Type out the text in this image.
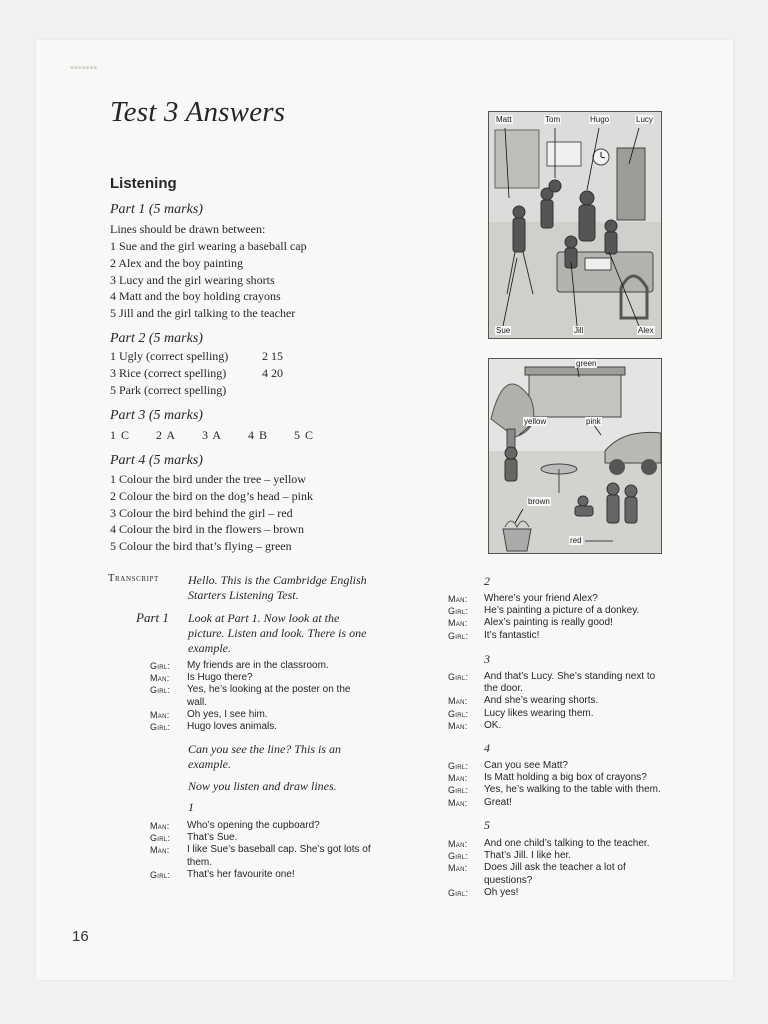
▪▪▪▪▪▪▪
Test 3 Answers
Listening
Part 1 (5 marks)
Lines should be drawn between:
1 Sue and the girl wearing a baseball cap
2 Alex and the boy painting
3 Lucy and the girl wearing shorts
4 Matt and the boy holding crayons
5 Jill and the girl talking to the teacher
Part 2 (5 marks)
1 Ugly (correct spelling)	2 15
3 Rice (correct spelling)	4 20
5 Park (correct spelling)
Part 3 (5 marks)
1 C 2 A 3 A 4 B 5 C
Part 4 (5 marks)
1 Colour the bird under the tree – yellow
2 Colour the bird on the dog’s head – pink
3 Colour the bird behind the girl – red
4 Colour the bird in the flowers – brown
5 Colour the bird that’s flying – green
Transcript Hello. This is the Cambridge English
Starters Listening Test.
Part 1 Look at Part 1. Now look at the
picture. Listen and look. There is one
example.
Girl: My friends are in the classroom.
Man: Is Hugo there?
Girl: Yes, he’s looking at the poster on the
wall.
Man: Oh yes, I see him.
Girl: Hugo loves animals.
Can you see the line? This is an
example.
Now you listen and draw lines.
1
Man: Who’s opening the cupboard?
Girl: That’s Sue.
Man: I like Sue’s baseball cap. She’s got lots of
them.
Girl: That’s her favourite one!
2
Man: Where’s your friend Alex?
Girl: He’s painting a picture of a donkey.
Man: Alex’s painting is really good!
Girl: It’s fantastic!
3
Girl: And that’s Lucy. She’s standing next to
the door.
Man: And she’s wearing shorts.
Girl: Lucy likes wearing them.
Man: OK.
4
Girl: Can you see Matt?
Man: Is Matt holding a big box of crayons?
Girl: Yes, he’s walking to the table with them.
Man: Great!
5
Man: And one child’s talking to the teacher.
Girl: That’s Jill. I like her.
Man: Does Jill ask the teacher a lot of
questions?
Girl: Oh yes!
Matt	Tom	Hugo	Lucy
Sue	Jill	Alex
green
yellow	pink
brown
red
16
